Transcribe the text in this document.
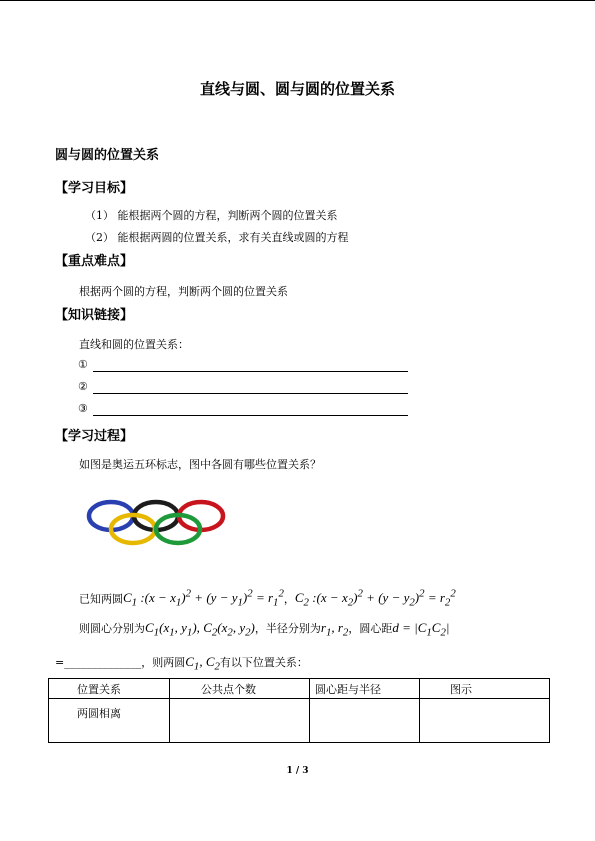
直线与圆、圆与圆的位置关系
圆与圆的位置关系
【学习目标】
（1） 能根据两个圆的方程，判断两个圆的位置关系
（2） 能根据两圆的位置关系，求有关直线或圆的方程
【重点难点】
根据两个圆的方程，判断两个圆的位置关系
【知识链接】
直线和圆的位置关系：
①
②
③
【学习过程】
如图是奥运五环标志，图中各圆有哪些位置关系？
已知两圆$C_1$ :(x − $x_1)^2 + (y - y_1)^2 = r_1^2$，$C_2$ :(x − $x_2)^2 + (y - y_2)^2 = r_2^2$
则圆心分别为$C_1(x_1$, $y_1$), $C_2(x_2$, $y_2$)，半径分别为$r_1$, $r_2$，圆心距$d = |C_1C_2|$
=______________，则两圆$C_1$, $C_2$有以下位置关系：
位置关系	公共点个数	圆心距与半径	图示
两圆相离			
1 / 3
